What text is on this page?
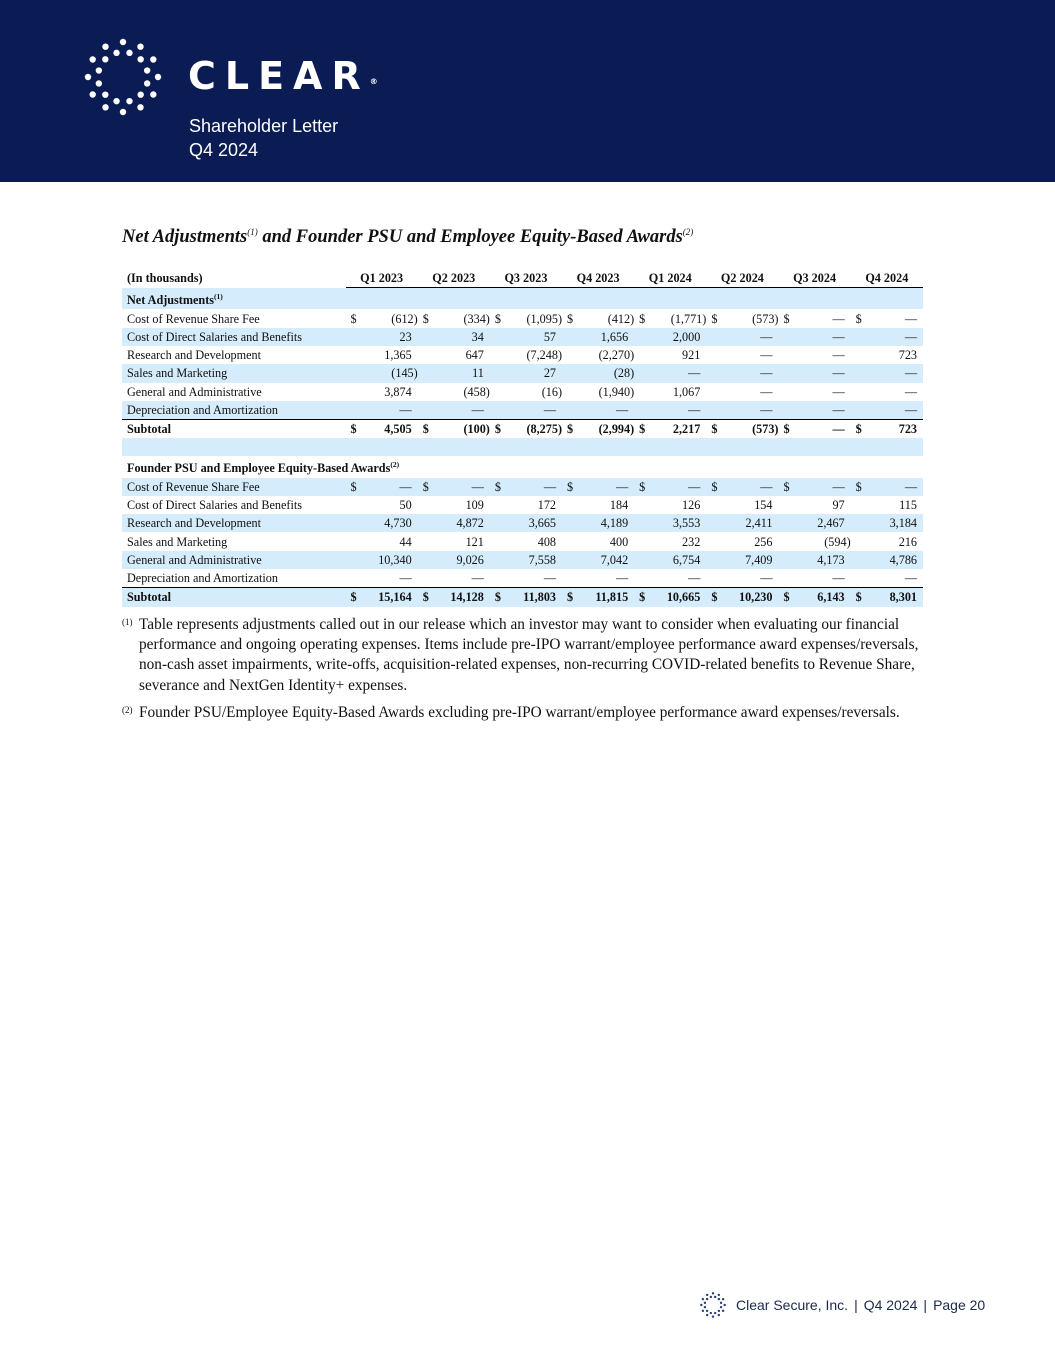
CLEAR®
Shareholder Letter
Q4 2024
Net Adjustments$^{(1)}$ and Founder PSU and Employee Equity-Based Awards$^{(2)}$
(In thousands)	Q1 2023		Q2 2023		Q3 2023		Q4 2023		Q1 2024		Q2 2024		Q3 2024		Q4 2024	
Net Adjustments$^{(1)}$
Cost of Revenue Share Fee	$	(612)	$	(334)	$	(1,095)	$	(412)	$	(1,771)	$	(573)	$	—	$	—
Cost of Direct Salaries and Benefits		23		34		57		1,656		2,000		—		—		—
Research and Development		1,365		647		(7,248)		(2,270)		921		—		—		723
Sales and Marketing		(145)		11		27		(28)		—		—		—		—
General and Administrative		3,874		(458)		(16)		(1,940)		1,067		—		—		—
Depreciation and Amortization		—		—		—		—		—		—		—		—
Subtotal	$	4,505	$	(100)	$	(8,275)	$	(2,994)	$	2,217	$	(573)	$	—	$	723

Founder PSU and Employee Equity-Based Awards$^{(2)}$
Cost of Revenue Share Fee	$	—	$	—	$	—	$	—	$	—	$	—	$	—	$	—
Cost of Direct Salaries and Benefits		50		109		172		184		126		154		97		115
Research and Development		4,730		4,872		3,665		4,189		3,553		2,411		2,467		3,184
Sales and Marketing		44		121		408		400		232		256		(594)		216
General and Administrative		10,340		9,026		7,558		7,042		6,754		7,409		4,173		4,786
Depreciation and Amortization		—		—		—		—		—		—		—		—
Subtotal	$	15,164	$	14,128	$	11,803	$	11,815	$	10,665	$	10,230	$	6,143	$	8,301
(1) Table represents adjustments called out in our release which an investor may want to consider when evaluating our financial performance and ongoing operating expenses. Items include pre-IPO warrant/employee performance award expenses/reversals, non-cash asset impairments, write-offs, acquisition-related expenses, non-recurring COVID-related benefits to Revenue Share, severance and NextGen Identity+ expenses.
(2) Founder PSU/Employee Equity-Based Awards excluding pre-IPO warrant/employee performance award expenses/reversals.
Clear Secure, Inc. | Q4 2024 | Page 20
